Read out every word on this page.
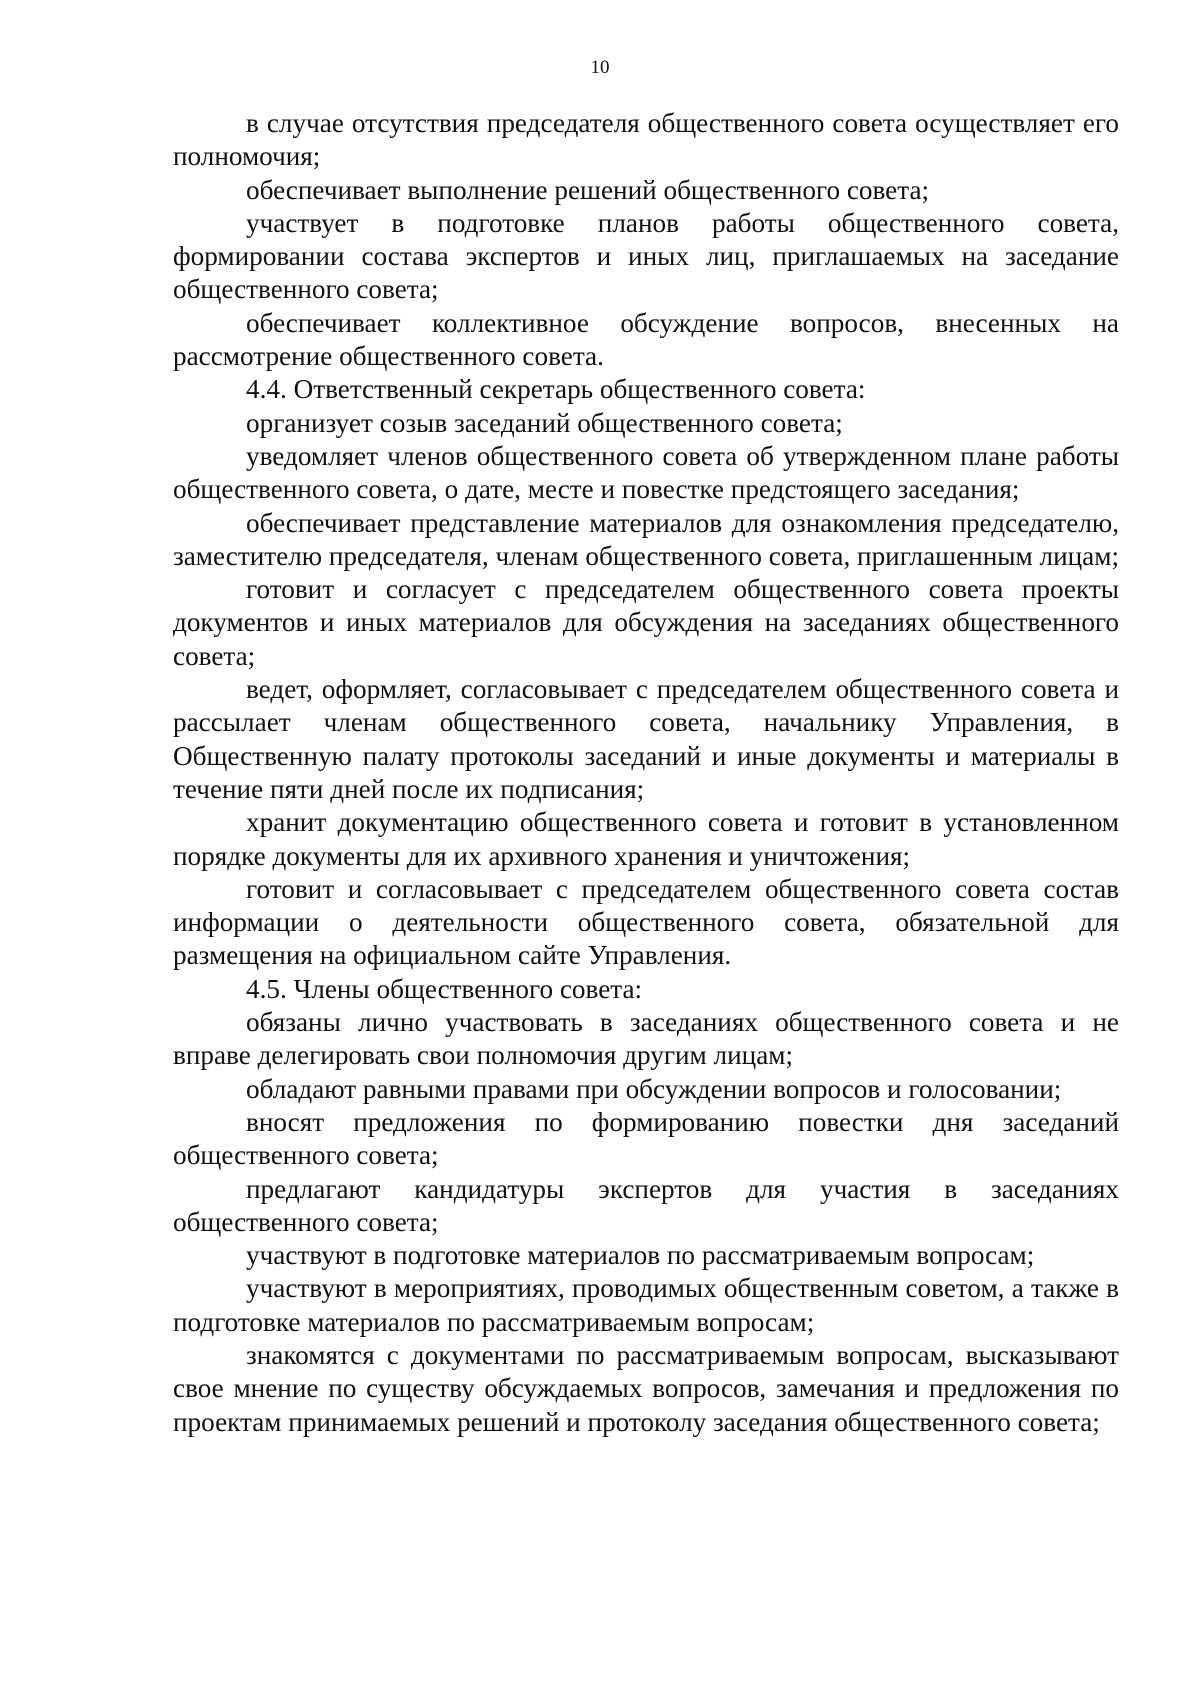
10

в случае отсутствия председателя общественного совета осуществляет его полномочия;

обеспечивает выполнение решений общественного совета;

участвует в подготовке планов работы общественного совета, формировании состава экспертов и иных лиц, приглашаемых на заседание общественного совета;

обеспечивает коллективное обсуждение вопросов, внесенных на рассмотрение общественного совета.

4.4. Ответственный секретарь общественного совета:

организует созыв заседаний общественного совета;

уведомляет членов общественного совета об утвержденном плане работы общественного совета, о дате, месте и повестке предстоящего заседания;

обеспечивает представление материалов для ознакомления председателю, заместителю председателя, членам общественного совета, приглашенным лицам;

готовит и согласует с председателем общественного совета проекты документов и иных материалов для обсуждения на заседаниях общественного совета;

ведет, оформляет, согласовывает с председателем общественного совета и рассылает членам общественного совета, начальнику Управления, в Общественную палату протоколы заседаний и иные документы и материалы в течение пяти дней после их подписания;

хранит документацию общественного совета и готовит в установленном порядке документы для их архивного хранения и уничтожения;

готовит и согласовывает с председателем общественного совета состав информации о деятельности общественного совета, обязательной для размещения на официальном сайте Управления.

4.5. Члены общественного совета:

обязаны лично участвовать в заседаниях общественного совета и не вправе делегировать свои полномочия другим лицам;

обладают равными правами при обсуждении вопросов и голосовании;

вносят предложения по формированию повестки дня заседаний общественного совета;

предлагают кандидатуры экспертов для участия в заседаниях общественного совета;

участвуют в подготовке материалов по рассматриваемым вопросам;

участвуют в мероприятиях, проводимых общественным советом, а также в подготовке материалов по рассматриваемым вопросам;

знакомятся с документами по рассматриваемым вопросам, высказывают свое мнение по существу обсуждаемых вопросов, замечания и предложения по проектам принимаемых решений и протоколу заседания общественного совета;
